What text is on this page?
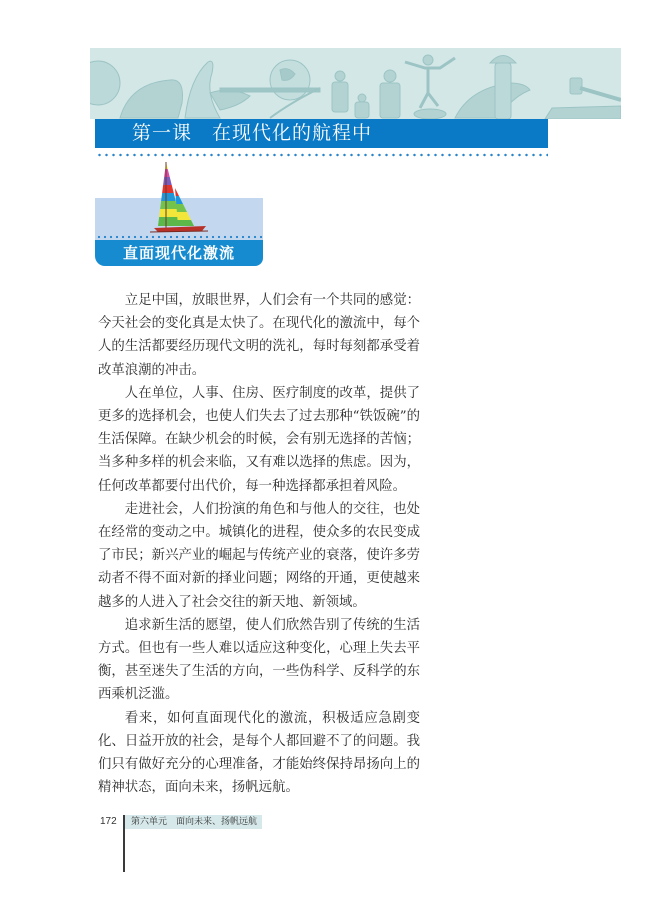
第一课　在现代化的航程中
直面现代化激流

立足中国，放眼世界，人们会有一个共同的感觉：今天社会的变化真是太快了。在现代化的激流中，每个人的生活都要经历现代文明的洗礼，每时每刻都承受着改革浪潮的冲击。

人在单位，人事、住房、医疗制度的改革，提供了更多的选择机会，也使人们失去了过去那种“铁饭碗”的生活保障。在缺少机会的时候，会有别无选择的苦恼；当多种多样的机会来临，又有难以选择的焦虑。因为，任何改革都要付出代价，每一种选择都承担着风险。

走进社会，人们扮演的角色和与他人的交往，也处在经常的变动之中。城镇化的进程，使众多的农民变成了市民；新兴产业的崛起与传统产业的衰落，使许多劳动者不得不面对新的择业问题；网络的开通，更使越来越多的人进入了社会交往的新天地、新领域。

追求新生活的愿望，使人们欣然告别了传统的生活方式。但也有一些人难以适应这种变化，心理上失去平衡，甚至迷失了生活的方向，一些伪科学、反科学的东西乘机泛滥。

看来，如何直面现代化的激流，积极适应急剧变化、日益开放的社会，是每个人都回避不了的问题。我们只有做好充分的心理准备，才能始终保持昂扬向上的精神状态，面向未来，扬帆远航。

172 第六单元　面向未来、扬帆远航
